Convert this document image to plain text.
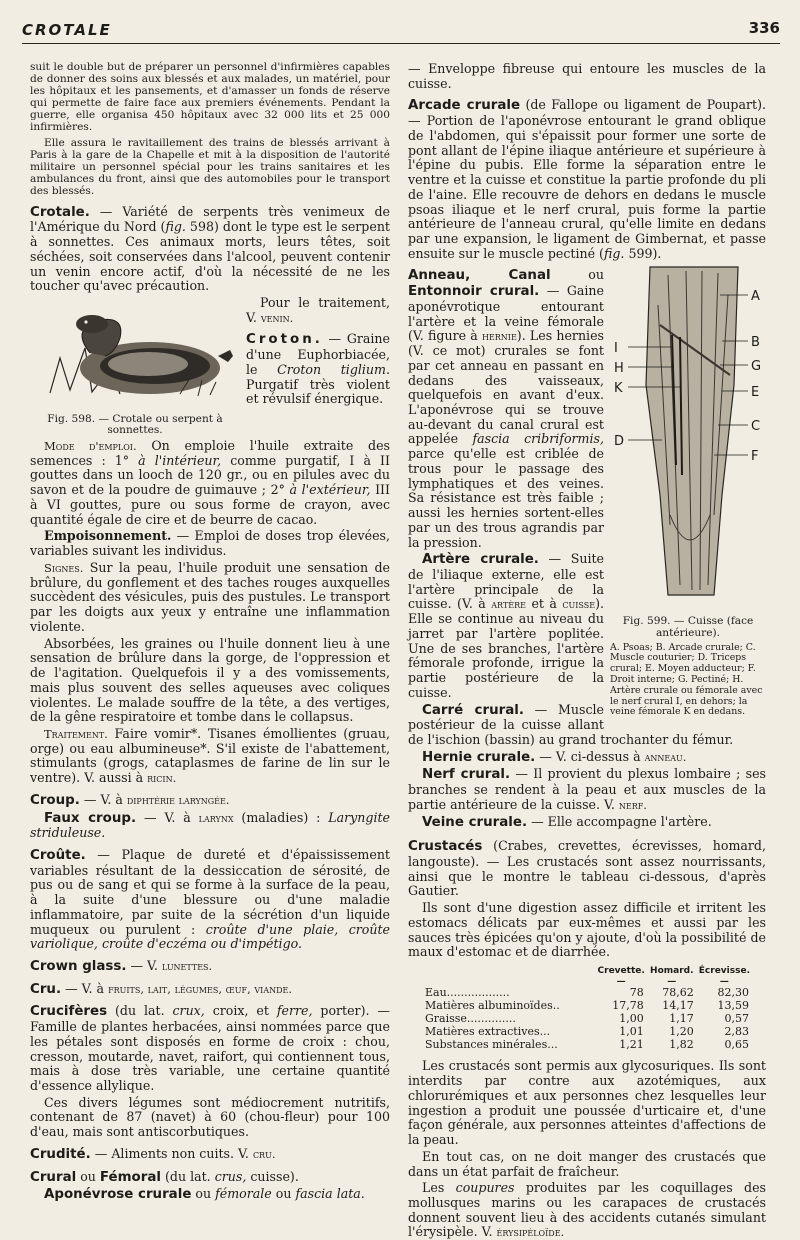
CROTALE	336

suit le double but de préparer un personnel d'infirmières capables de donner des soins aux blessés et aux malades, un matériel, pour les hôpitaux et les pansements, et d'amasser un fonds de réserve qui permette de faire face aux premiers événements. Pendant la guerre, elle organisa 450 hôpitaux avec 32 000 lits et 25 000 infirmières.

Elle assura le ravitaillement des trains de blessés arrivant à Paris à la gare de la Chapelle et mit à la disposition de l'autorité militaire un personnel spécial pour les trains sanitaires et les ambulances du front, ainsi que des automobiles pour le transport des blessés.

Crotale. — Variété de serpents très venimeux de l'Amérique du Nord (fig. 598) dont le type est le serpent à sonnettes. Ces animaux morts, leurs têtes, soit séchées, soit conservées dans l'alcool, peuvent contenir un venin encore actif, d'où la nécessité de ne les toucher qu'avec précaution.

Fig. 598. — Crotale ou serpent à sonnettes.

Pour le traitement, V. venin.

Croton. — Graine d'une Euphorbiacée, le Croton tiglium. Purgatif très violent et révulsif énergique.

Mode d'emploi. On emploie l'huile extraite des semences : 1° à l'intérieur, comme purgatif, I à II gouttes dans un looch de 120 gr., ou en pilules avec du savon et de la poudre de guimauve ; 2° à l'extérieur, III à VI gouttes, pure ou sous forme de crayon, avec quantité égale de cire et de beurre de cacao.

Empoisonnement. — Emploi de doses trop élevées, variables suivant les individus.

Signes. Sur la peau, l'huile produit une sensation de brûlure, du gonflement et des taches rouges auxquelles succèdent des vésicules, puis des pustules. Le transport par les doigts aux yeux y entraîne une inflammation violente.

Absorbées, les graines ou l'huile donnent lieu à une sensation de brûlure dans la gorge, de l'oppression et de l'agitation. Quelquefois il y a des vomissements, mais plus souvent des selles aqueuses avec coliques violentes. Le malade souffre de la tête, a des vertiges, de la gêne respiratoire et tombe dans le collapsus.

Traitement. Faire vomir*. Tisanes émollientes (gruau, orge) ou eau albumineuse*. S'il existe de l'abattement, stimulants (grogs, cataplasmes de farine de lin sur le ventre). V. aussi à ricin.

Croup. — V. à diphtérie laryngée.

Faux croup. — V. à larynx (maladies) : Laryngite striduleuse.

Croûte. — Plaque de dureté et d'épaississement variables résultant de la dessiccation de sérosité, de pus ou de sang et qui se forme à la surface de la peau, à la suite d'une blessure ou d'une maladie inflammatoire, par suite de la sécrétion d'un liquide muqueux ou purulent : croûte d'une plaie, croûte variolique, croûte d'eczéma ou d'impétigo.

Crown glass. — V. lunettes.

Cru. — V. à fruits, lait, légumes, œuf, viande.

Crucifères (du lat. crux, croix, et ferre, porter). — Famille de plantes herbacées, ainsi nommées parce que les pétales sont disposés en forme de croix : chou, cresson, moutarde, navet, raifort, qui contiennent tous, mais à dose très variable, une certaine quantité d'essence allylique.

Ces divers légumes sont médiocrement nutritifs, contenant de 87 (navet) à 60 (chou-fleur) pour 100 d'eau, mais sont antiscorbutiques.

Crudité. — Aliments non cuits. V. cru.

Crural ou Fémoral (du lat. crus, cuisse).

Aponévrose crurale ou fémorale ou fascia lata.

— Enveloppe fibreuse qui entoure les muscles de la cuisse.

Arcade crurale (de Fallope ou ligament de Poupart). — Portion de l'aponévrose entourant le grand oblique de l'abdomen, qui s'épaissit pour former une sorte de pont allant de l'épine iliaque antérieure et supérieure à l'épine du pubis. Elle forme la séparation entre le ventre et la cuisse et constitue la partie profonde du pli de l'aine. Elle recouvre de dehors en dedans le muscle psoas iliaque et le nerf crural, puis forme la partie antérieure de l'anneau crural, qu'elle limite en dedans par une expansion, le ligament de Gimbernat, et passe ensuite sur le muscle pectiné (fig. 599).

A
B
G
E
C
F
I
H
K
D
Fig. 599. — Cuisse (face antérieure).
A. Psoas; B. Arcade crurale; C. Muscle couturier; D. Triceps crural; E. Moyen adducteur; F. Droit interne; G. Pectiné; H. Artère crurale ou fémorale avec le nerf crural I, en dehors; la veine fémorale K en dedans.

Anneau, Canal ou Entonnoir crural. — Gaine aponévrotique entourant l'artère et la veine fémorale (V. figure à hernie). Les hernies (V. ce mot) crurales se font par cet anneau en passant en dedans des vaisseaux, quelquefois en avant d'eux. L'aponévrose qui se trouve au-devant du canal crural est appelée fascia cribriformis, parce qu'elle est criblée de trous pour le passage des lymphatiques et des veines. Sa résistance est très faible ; aussi les hernies sortent-elles par un des trous agrandis par la pression.

Artère crurale. — Suite de l'iliaque externe, elle est l'artère principale de la cuisse. (V. à artère et à cuisse). Elle se continue au niveau du jarret par l'artère poplitée. Une de ses branches, l'artère fémorale profonde, irrigue la partie postérieure de la cuisse.

Carré crural. — Muscle postérieur de la cuisse allant de l'ischion (bassin) au grand trochanter du fémur.

Hernie crurale. — V. ci-dessus à anneau.

Nerf crural. — Il provient du plexus lombaire ; ses branches se rendent à la peau et aux muscles de la partie antérieure de la cuisse. V. nerf.

Veine crurale. — Elle accompagne l'artère.

Crustacés (Crabes, crevettes, écrevisses, homard, langouste). — Les crustacés sont assez nourrissants, ainsi que le montre le tableau ci-dessous, d'après Gautier.

Ils sont d'une digestion assez difficile et irritent les estomacs délicats par eux-mêmes et aussi par les sauces très épicées qu'on y ajoute, d'où la possibilité de maux d'estomac et de diarrhée.

	Crevette.	Homard.	Écrevisse.
	—	—	—
Eau..................	78	78,62	82,30
Matières albuminoïdes..	17,78	14,17	13,59
Graisse..............	1,00	1,17	0,57
Matières extractives...	1,01	1,20	2,83
Substances minérales...	1,21	1,82	0,65

Les crustacés sont permis aux glycosuriques. Ils sont interdits par contre aux azotémiques, aux chlorurémiques et aux personnes chez lesquelles leur ingestion a produit une poussée d'urticaire et, d'une façon générale, aux personnes atteintes d'affections de la peau.

En tout cas, on ne doit manger des crustacés que dans un état parfait de fraîcheur.

Les coupures produites par les coquillages des mollusques marins ou les carapaces de crustacés donnent souvent lieu à des accidents cutanés simulant l'érysipèle. V. érysipéloïde.
